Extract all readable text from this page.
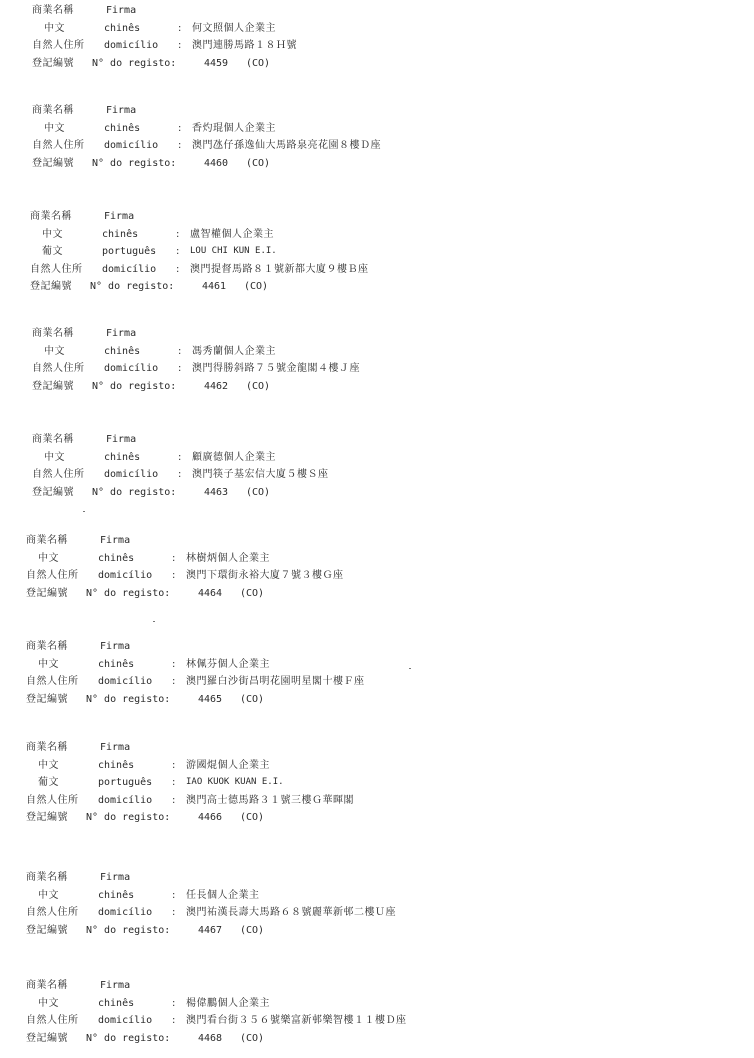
商業名稱	Firma
中文	chinês	: 何文照個人企業主
自然人住所 domicílio : 澳門連勝馬路１８Ｈ號
登記編號 N° do registo:	4459 (CO)
商業名稱	Firma
中文	chinês	: 香灼琨個人企業主
自然人住所 domicílio : 澳門氹仔孫逸仙大馬路泉亮花園８樓Ｄ座
登記編號 N° do registo:	4460 (CO)
商業名稱	Firma
中文	chinês	: 盧智權個人企業主
葡文	português : LOU CHI KUN E.I.
自然人住所 domicílio : 澳門提督馬路８１號新都大廈９樓Ｂ座
登記編號 N° do registo:	4461 (CO)
商業名稱	Firma
中文	chinês	: 馮秀蘭個人企業主
自然人住所 domicílio : 澳門得勝斜路７５號金龍閣４樓Ｊ座
登記編號 N° do registo:	4462 (CO)
商業名稱	Firma
中文	chinês	: 顧廣德個人企業主
自然人住所 domicílio : 澳門筷子基宏信大廈５樓Ｓ座
登記編號 N° do registo:	4463 (CO)
商業名稱	Firma
中文	chinês	: 林樹炳個人企業主
自然人住所 domicílio : 澳門下環街永裕大廈７號３樓Ｇ座
登記編號 N° do registo:	4464 (CO)
商業名稱	Firma
中文	chinês	: 林佩芬個人企業主
自然人住所 domicílio : 澳門羅白沙街昌明花園明星閣十樓Ｆ座
登記編號 N° do registo:	4465 (CO)
商業名稱	Firma
中文	chinês	: 游國焜個人企業主
葡文	português : IAO KUOK KUAN E.I.
自然人住所 domicílio : 澳門高士德馬路３１號三樓Ｇ華暉閣
登記編號 N° do registo:	4466 (CO)
商業名稱	Firma
中文	chinês	: 任長個人企業主
自然人住所 domicílio : 澳門祐漢長壽大馬路６８號麗華新邨二樓Ｕ座
登記編號 N° do registo:	4467 (CO)
商業名稱	Firma
中文	chinês	: 楊偉鵬個人企業主
自然人住所 domicílio : 澳門看台街３５６號樂富新邨樂智樓１１樓Ｄ座
登記編號 N° do registo:	4468 (CO)
